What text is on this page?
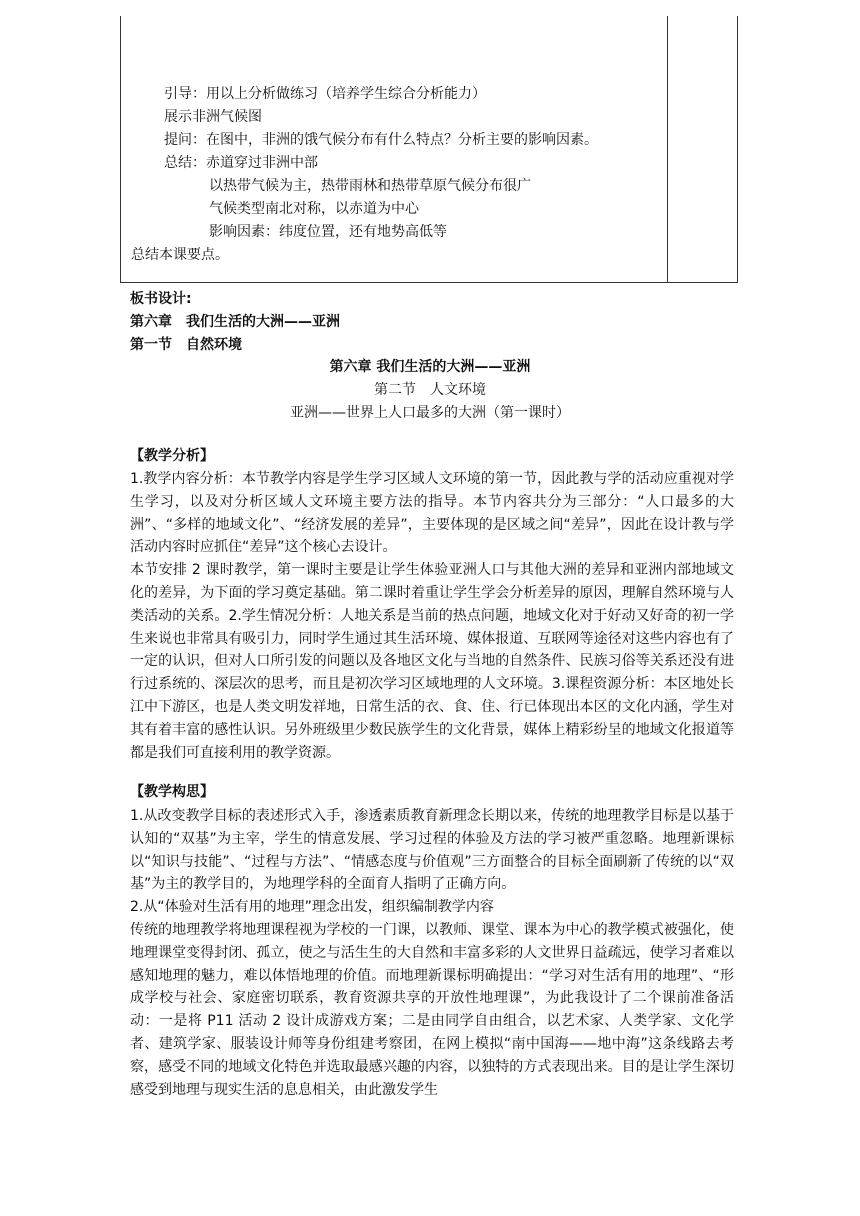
引导：用以上分析做练习（培养学生综合分析能力）
展示非洲气候图
提问：在图中，非洲的饿气候分布有什么特点？分析主要的影响因素。
总结：赤道穿过非洲中部
以热带气候为主，热带雨林和热带草原气候分布很广
气候类型南北对称，以赤道为中心
影响因素：纬度位置，还有地势高低等
总结本课要点。
板书设计:
第六章　我们生活的大洲——亚洲
第一节　自然环境
第六章 我们生活的大洲——亚洲
第二节　人文环境
亚洲——世界上人口最多的大洲（第一课时）
【教学分析】

1.教学内容分析：本节教学内容是学生学习区域人文环境的第一节，因此教与学的活动应重视对学生学习，以及对分析区域人文环境主要方法的指导。本节内容共分为三部分：“人口最多的大洲”、“多样的地域文化”、“经济发展的差异”，主要体现的是区域之间“差异”，因此在设计教与学活动内容时应抓住“差异”这个核心去设计。

本节安排 2 课时教学，第一课时主要是让学生体验亚洲人口与其他大洲的差异和亚洲内部地域文化的差异，为下面的学习奠定基础。第二课时着重让学生学会分析差异的原因，理解自然环境与人类活动的关系。2.学生情况分析：人地关系是当前的热点问题，地域文化对于好动又好奇的初一学生来说也非常具有吸引力，同时学生通过其生活环境、媒体报道、互联网等途径对这些内容也有了一定的认识，但对人口所引发的问题以及各地区文化与当地的自然条件、民族习俗等关系还没有进行过系统的、深层次的思考，而且是初次学习区域地理的人文环境。3.课程资源分析：本区地处长江中下游区，也是人类文明发祥地，日常生活的衣、食、住、行已体现出本区的文化内涵，学生对其有着丰富的感性认识。另外班级里少数民族学生的文化背景，媒体上精彩纷呈的地域文化报道等都是我们可直接利用的教学资源。

【教学构思】

1.从改变教学目标的表述形式入手，渗透素质教育新理念长期以来，传统的地理教学目标是以基于认知的“双基”为主宰，学生的情意发展、学习过程的体验及方法的学习被严重忽略。地理新课标以“知识与技能”、“过程与方法”、“情感态度与价值观”三方面整合的目标全面刷新了传统的以“双基”为主的教学目的，为地理学科的全面育人指明了正确方向。

2.从“体验对生活有用的地理”理念出发，组织编制教学内容

传统的地理教学将地理课程视为学校的一门课，以教师、课堂、课本为中心的教学模式被强化，使地理课堂变得封闭、孤立，使之与活生生的大自然和丰富多彩的人文世界日益疏远，使学习者难以感知地理的魅力，难以体悟地理的价值。而地理新课标明确提出：“学习对生活有用的地理”、“形成学校与社会、家庭密切联系，教育资源共享的开放性地理课”，为此我设计了二个课前准备活动：一是将 P11 活动 2 设计成游戏方案；二是由同学自由组合，以艺术家、人类学家、文化学者、建筑学家、服装设计师等身份组建考察团，在网上模拟“南中国海——地中海”这条线路去考察，感受不同的地域文化特色并选取最感兴趣的内容，以独特的方式表现出来。目的是让学生深切感受到地理与现实生活的息息相关，由此激发学生
